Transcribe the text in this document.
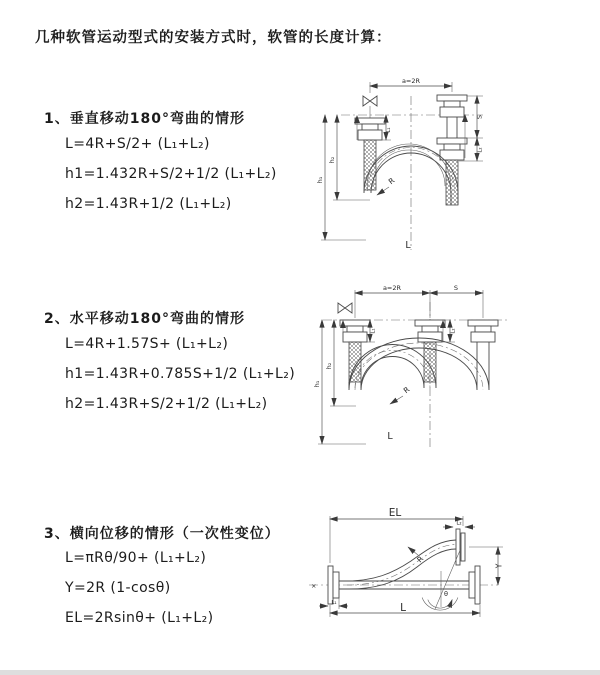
几种软管运动型式的安装方式时，软管的长度计算：
1、垂直移动180°弯曲的情形
L=4R+S/2+ (L₁+L₂)
h1=1.432R+S/2+1/2 (L₁+L₂)
h2=1.43R+1/2 (L₁+L₂)
2、水平移动180°弯曲的情形
L=4R+1.57S+ (L₁+L₂)
h1=1.43R+0.785S+1/2 (L₁+L₂)
h2=1.43R+S/2+1/2 (L₁+L₂)
3、横向位移的情形（一次性变位）
L=πRθ/90+ (L₁+L₂)
Y=2R (1-cosθ)
EL=2Rsinθ+ (L₁+L₂)
a=2R
L₁
S
L₂
h₁
h₂
R
L
a=2R	S
L₁	L₂
h₁
h₂
R
L
×
EL
L₂
Y
θ
R
L₁	L
